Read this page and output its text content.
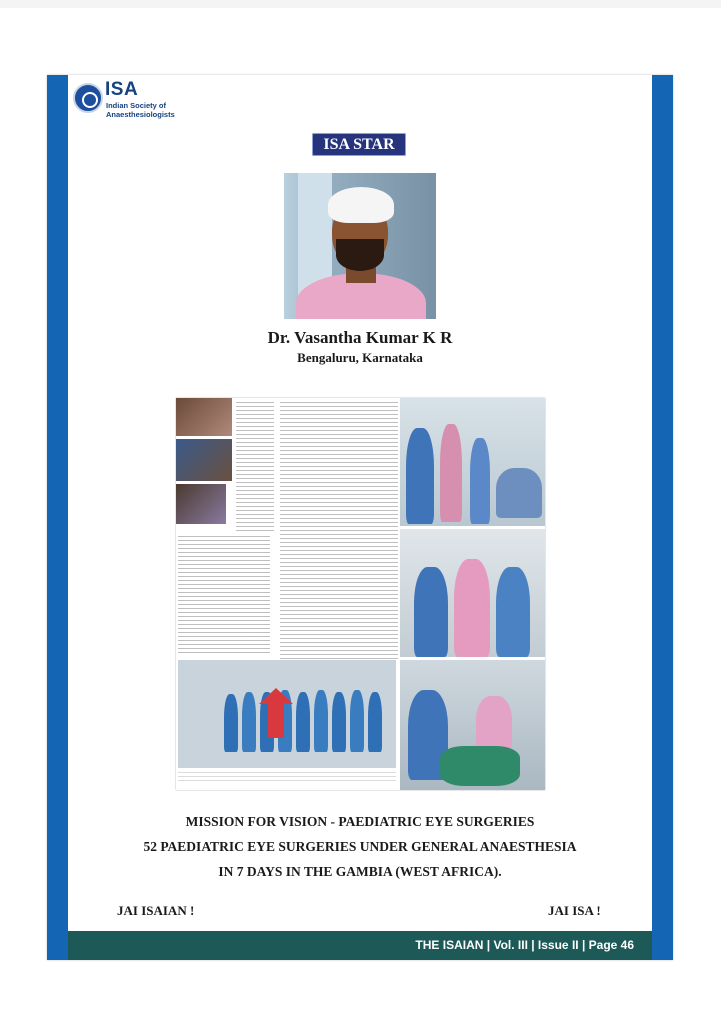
ISA
Indian Society of
Anaesthesiologists
ISA STAR
Dr. Vasantha Kumar K R
Bengaluru, Karnataka
MISSION FOR VISION - PAEDIATRIC EYE SURGERIES
52 PAEDIATRIC EYE SURGERIES UNDER GENERAL ANAESTHESIA
IN 7 DAYS IN THE GAMBIA (WEST AFRICA).
JAI ISAIAN !	JAI ISA !
THE ISAIAN | Vol. III | Issue II | Page 46
